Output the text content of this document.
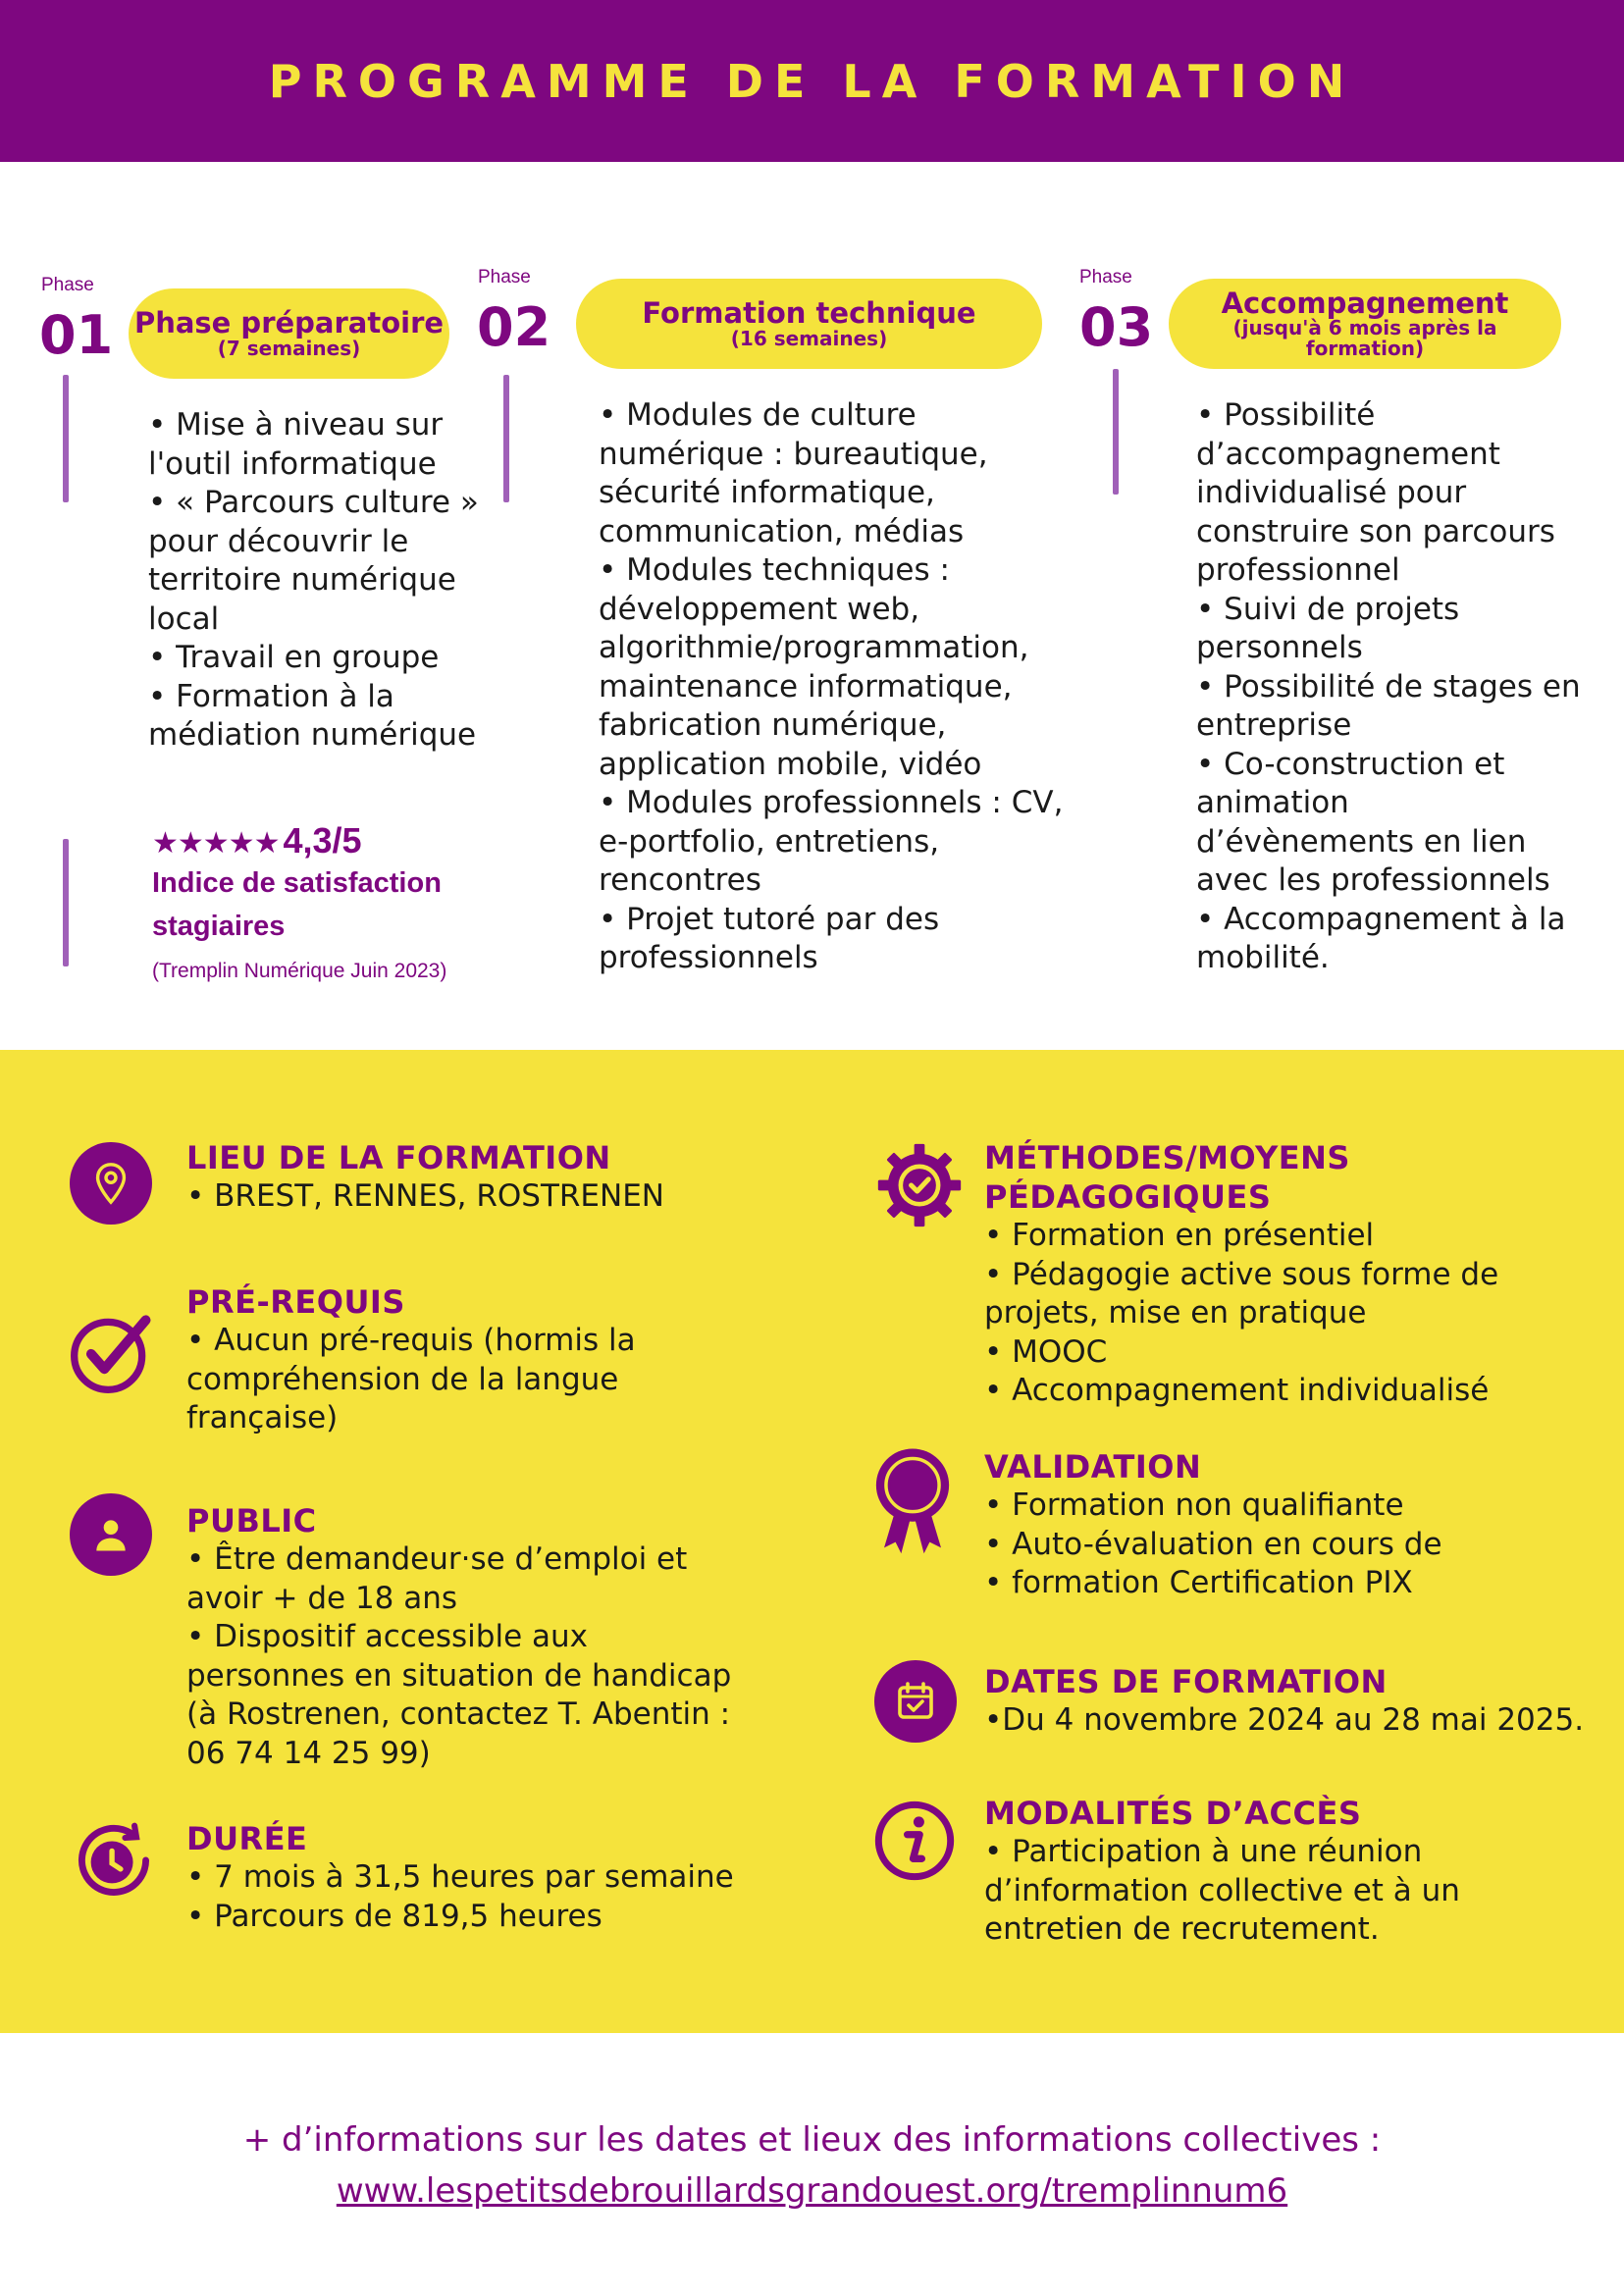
PROGRAMME DE LA FORMATION
Phase
01 Phase préparatoire
(7 semaines)
• Mise à niveau sur
l'outil informatique
• « Parcours culture »
pour découvrir le
territoire numérique
local
• Travail en groupe
• Formation à la
médiation numérique
Phase
02	Formation technique
(16 semaines)
• Modules de culture
numérique : bureautique,
sécurité informatique,
communication, médias
• Modules techniques :
développement web,
algorithmie/programmation,
maintenance informatique,
fabrication numérique,
application mobile, vidéo
• Modules professionnels : CV,
e-portfolio, entretiens,
rencontres
• Projet tutoré par des
professionnels
Phase
03 Accompagnement
(jusqu'à 6 mois après la
formation)
• Possibilité
d’accompagnement
individualisé pour
construire son parcours
professionnel
• Suivi de projets
personnels
• Possibilité de stages en
entreprise
• Co-construction et
animation
d’évènements en lien
avec les professionnels
• Accompagnement à la
mobilité.
★★★★★ 4,3/5
Indice de satisfaction
stagiaires
(Tremplin Numérique Juin 2023)
LIEU DE LA FORMATION
• BREST, RENNES, ROSTRENEN
PRÉ-REQUIS
• Aucun pré-requis (hormis la
compréhension de la langue
française)
PUBLIC
• Être demandeur·se d’emploi et
avoir + de 18 ans
• Dispositif accessible aux
personnes en situation de handicap
(à Rostrenen, contactez T. Abentin :
06 74 14 25 99)
DURÉE
• 7 mois à 31,5 heures par semaine
• Parcours de 819,5 heures
MÉTHODES/MOYENS
PÉDAGOGIQUES
• Formation en présentiel
• Pédagogie active sous forme de
projets, mise en pratique
• MOOC
• Accompagnement individualisé
VALIDATION
• Formation non qualifiante
• Auto-évaluation en cours de
• formation Certification PIX
DATES DE FORMATION
•Du 4 novembre 2024 au 28 mai 2025.
MODALITÉS D’ACCÈS
• Participation à une réunion
d’information collective et à un
entretien de recrutement.
+ d’informations sur les dates et lieux des informations collectives :
www.lespetitsdebrouillardsgrandouest.org/tremplinnum6
